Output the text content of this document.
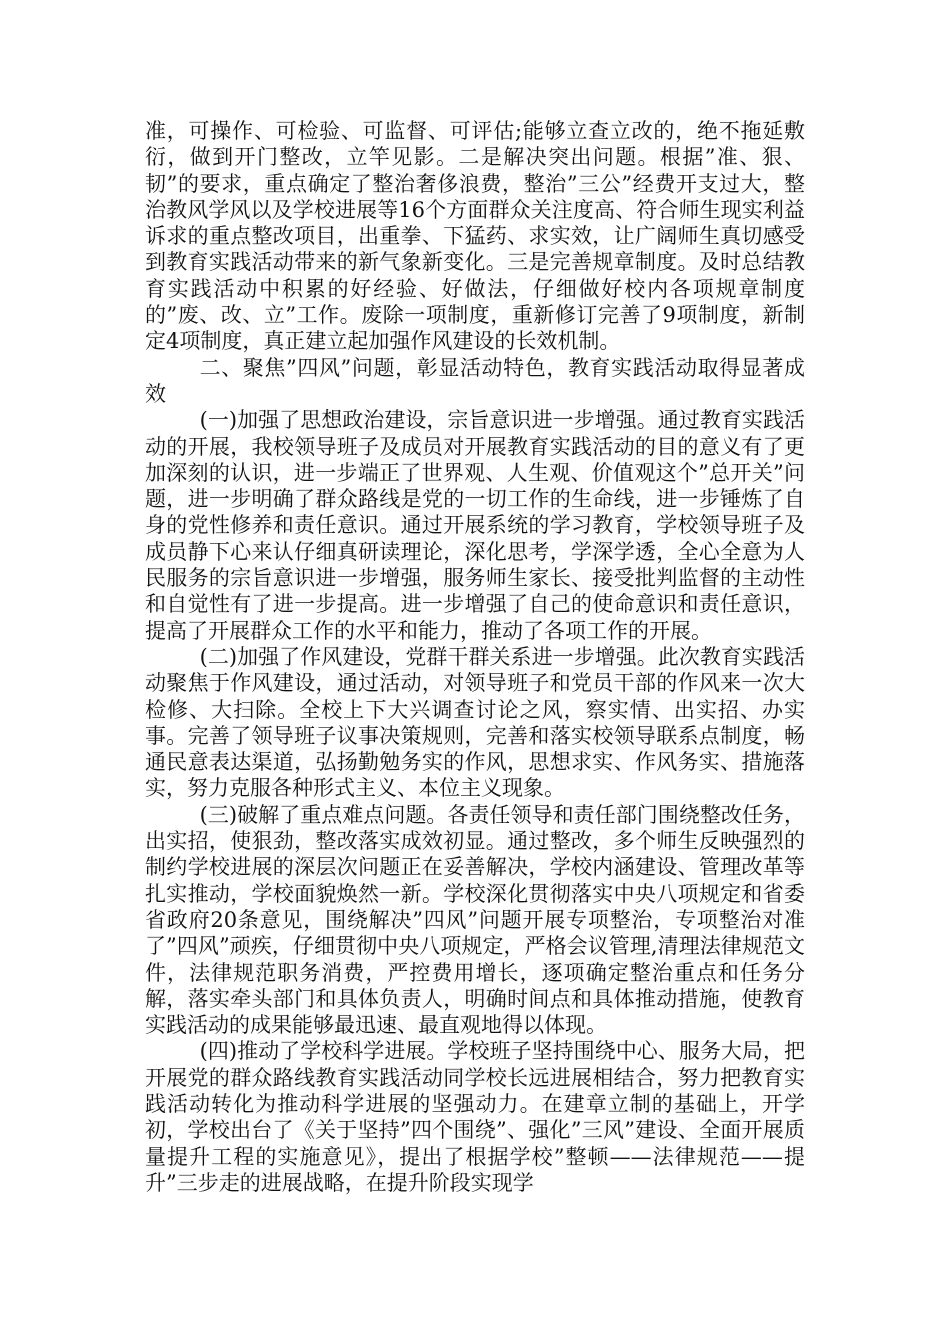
准，可操作、可检验、可监督、可评估;能够立查立改的，绝不拖延敷衍，做到开门整改，立竿见影。二是解决突出问题。根据”准、狠、韧”的要求，重点确定了整治奢侈浪费，整治”三公”经费开支过大，整治教风学风以及学校进展等16个方面群众关注度高、符合师生现实利益诉求的重点整改项目，出重拳、下猛药、求实效，让广阔师生真切感受到教育实践活动带来的新气象新变化。三是完善规章制度。及时总结教育实践活动中积累的好经验、好做法，仔细做好校内各项规章制度的”废、改、立”工作。废除一项制度，重新修订完善了9项制度，新制定4项制度，真正建立起加强作风建设的长效机制。

二、聚焦”四风”问题，彰显活动特色，教育实践活动取得显著成效

(一)加强了思想政治建设，宗旨意识进一步增强。通过教育实践活动的开展，我校领导班子及成员对开展教育实践活动的目的意义有了更加深刻的认识，进一步端正了世界观、人生观、价值观这个”总开关”问题，进一步明确了群众路线是党的一切工作的生命线，进一步锤炼了自身的党性修养和责任意识。通过开展系统的学习教育，学校领导班子及成员静下心来认仔细真研读理论，深化思考，学深学透，全心全意为人民服务的宗旨意识进一步增强，服务师生家长、接受批判监督的主动性和自觉性有了进一步提高。进一步增强了自己的使命意识和责任意识，提高了开展群众工作的水平和能力，推动了各项工作的开展。

(二)加强了作风建设，党群干群关系进一步增强。此次教育实践活动聚焦于作风建设，通过活动，对领导班子和党员干部的作风来一次大检修、大扫除。全校上下大兴调查讨论之风，察实情、出实招、办实事。完善了领导班子议事决策规则，完善和落实校领导联系点制度，畅通民意表达渠道，弘扬勤勉务实的作风，思想求实、作风务实、措施落实，努力克服各种形式主义、本位主义现象。

(三)破解了重点难点问题。各责任领导和责任部门围绕整改任务，出实招，使狠劲，整改落实成效初显。通过整改，多个师生反映强烈的制约学校进展的深层次问题正在妥善解决，学校内涵建设、管理改革等扎实推动，学校面貌焕然一新。学校深化贯彻落实中央八项规定和省委省政府20条意见，围绕解决”四风”问题开展专项整治，专项整治对准了”四风”顽疾，仔细贯彻中央八项规定，严格会议管理,清理法律规范文件，法律规范职务消费，严控费用增长，逐项确定整治重点和任务分解，落实牵头部门和具体负责人，明确时间点和具体推动措施，使教育实践活动的成果能够最迅速、最直观地得以体现。

(四)推动了学校科学进展。学校班子坚持围绕中心、服务大局，把开展党的群众路线教育实践活动同学校长远进展相结合，努力把教育实践活动转化为推动科学进展的坚强动力。在建章立制的基础上，开学初，学校出台了《关于坚持”四个围绕”、强化”三风”建设、全面开展质量提升工程的实施意见》，提出了根据学校”整顿——法律规范——提升”三步走的进展战略，在提升阶段实现学
